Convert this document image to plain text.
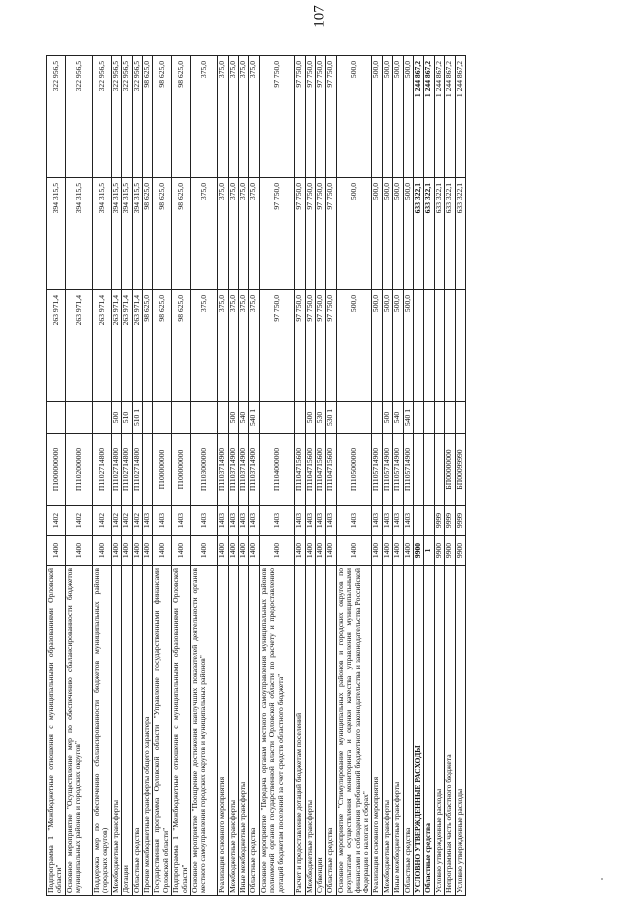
107
Подпрограмма 1 "Межбюджетные отношения с муниципальными образованиями Орловской области"	1400	1402	П1000000000		263 971,4	394 315,5	322 956,5
Основное мероприятие "Осуществление мер по обеспечению сбалансированности бюджетов муниципальных районов и городских округов"	1400	1402	П1102000000		263 971,4	394 315,5	322 956,5
Поддержка мер по обеспечению сбалансированности бюджетов муниципальных районов (городских округов)	1400	1402	П1102714800		263 971,4	394 315,5	322 956,5
Межбюджетные трансферты	1400	1402	П1102714800	500	263 971,4	394 315,5	322 956,5
Дотации	1400	1402	П1102714800	510	263 971,4	394 315,5	322 956,5
Областные средства	1400	1402	П1102714800	510 1	263 971,4	394 315,5	322 956,5
Прочие межбюджетные трансферты общего характера	1400	1403			98 625,0	98 625,0	98 625,0
Государственная программа Орловской области "Управление государственными финансами Орловской области"	1400	1403	П100000000		98 625,0	98 625,0	98 625,0
Подпрограмма 1 "Межбюджетные отношения с муниципальными образованиями Орловской области"	1400	1403	П100000000		98 625,0	98 625,0	98 625,0
Основное мероприятие "Поощрение достижения наилучших показателей деятельности органов местного самоуправления городских округов и муниципальных районов"	1400	1403	П1103000000		375,0	375,0	375,0
Реализация основного мероприятия	1400	1403	П1103714900		375,0	375,0	375,0
Межбюджетные трансферты	1400	1403	П1103714900	500	375,0	375,0	375,0
Иные межбюджетные трансферты	1400	1403	П1103714900	540	375,0	375,0	375,0
Областные средства	1400	1403	П1103714900	540 1	375,0	375,0	375,0
Основное мероприятие "Передача органам местного самоуправления муниципальных районов полномочий органов государственной власти Орловской области по расчету и предоставлению дотаций бюджетам поселений за счет средств областного бюджета"	1400	1403	П1104000000		97 750,0	97 750,0	97 750,0
Расчет и предоставление дотаций бюджетам поселений	1400	1403	П1104715600		97 750,0	97 750,0	97 750,0
Межбюджетные трансферты	1400	1403	П1104715600	500	97 750,0	97 750,0	97 750,0
Субвенции	1400	1403	П1104715600	530	97 750,0	97 750,0	97 750,0
Областные средства	1400	1403	П1104715600	530 1	97 750,0	97 750,0	97 750,0
Основное мероприятие "Стимулирование муниципальных районов и городских округов по результатам осуществления мониторинга и оценки качества управления муниципальными финансами и соблюдения требований бюджетного законодательства и законодательства Российской Федерации о налогах и сборах"	1400	1403	П1105000000		500,0	500,0	500,0
Реализация основного мероприятия	1400	1403	П1105714900		500,0	500,0	500,0
Межбюджетные трансферты	1400	1403	П1105714900	500	500,0	500,0	500,0
Иные межбюджетные трансферты	1400	1403	П1105714900	540	500,0	500,0	500,0
Областные средства	1400	1403	П1105714900	540 1	500,0	500,0	500,0
УСЛОВНО УТВЕРЖДЕННЫЕ РАСХОДЫ	9900					633 322,1	1 244 867,2
Областные средства	1					633 322,1	1 244 867,2
Условно утвержденные расходы	9900	9999				633 322,1	1 244 867,2
Непрограммная часть областного бюджета	9900	9999	БП00000000			633 322,1	1 244 867,2
Условно утвержденные расходы	9900	9999	БП00099990			633 322,1	1 244 867,2
